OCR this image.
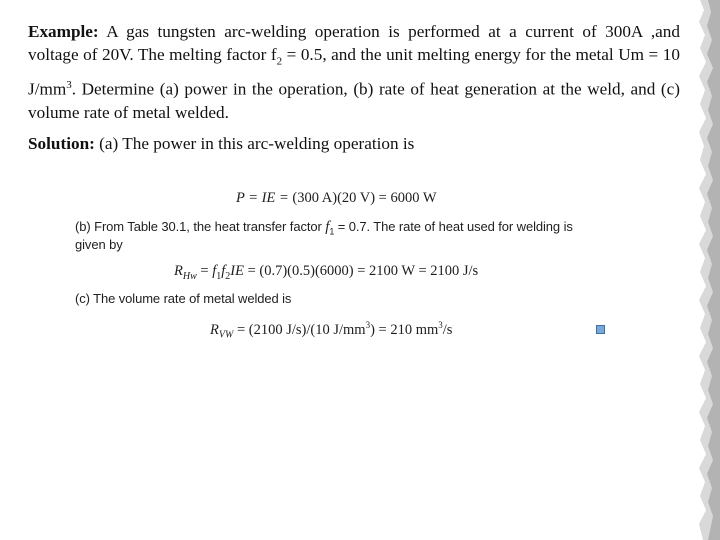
Example: A gas tungsten arc-welding operation is performed at a current of 300A ,and voltage of 20V. The melting factor $f_2 = 0.5$, and the unit melting energy for the metal Um = 10 $J/mm^3$. Determine (a) power in the operation, (b) rate of heat generation at the weld, and (c) volume rate of metal welded.
Solution: (a) The power in this arc-welding operation is
P = IE = (300 A)(20 V) = 6000 W
(b) From Table 30.1, the heat transfer factor $f_1 = 0.7$. The rate of heat used for welding is
given by
$R_{Hw} = f_1f_2IE = (0.7)(0.5)(6000) = 2100$ W = 2100 J/s
(c) The volume rate of metal welded is
$R_{VW} = (2100$ J/s)/(10 $J/mm^3) = 210$ $mm^3/s$
